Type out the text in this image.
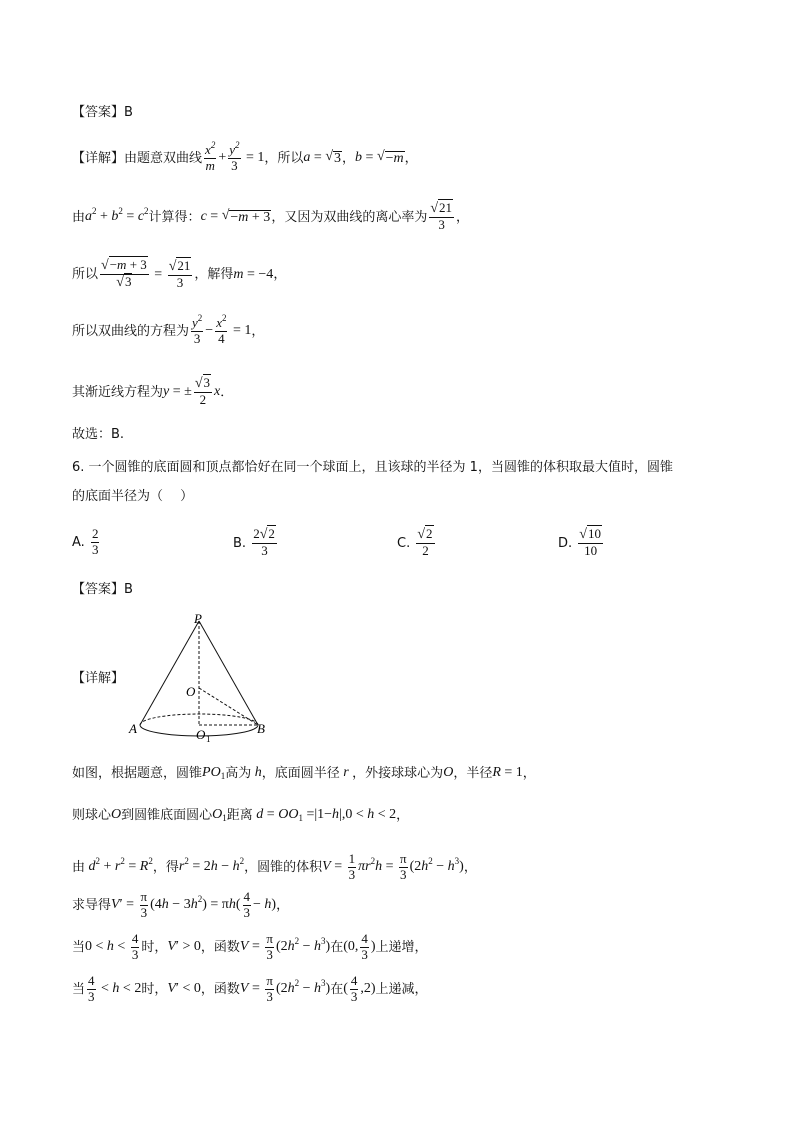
【答案】B
【详解】 由题意双曲线 $\frac{x^2}{m} + \frac{y^2}{3} = 1$ ，所以 a = √ 3 ， b = √ −m ，
由 $a^2 + b^2 = c^2$ 计算得： c = √ −m + 3 ，又因为双曲线的离心率为 $\frac{√21}{3}$ ，
所以 $\frac{√-m + 3}{√3} = \frac{√21}{3}$ ，解得 m = −4 ，
所以双曲线的方程为 $\frac{y^2}{3} - \frac{x^2}{4} = 1$ ，
其渐近线方程为 y = ± $\frac{√3}{2}$ x ．
故选：B.
6. 一个圆锥的底面圆和顶点都恰好在同一个球面上，且该球的半径为 1，当圆锥的体积取最大值时，圆锥
的底面半径为（　 ）
A.
$\frac{2}{3}$	B.
$\frac{2√2}{3}$	C.
$\frac{√2}{2}$	D.
$\frac{√10}{10}$
【答案】B
【详解】
P
O
A	B
O 1
如图，根据题意，圆锥 $PO_1$ 高为 h ，底面圆半径 r ，外接球球心为 O ，半径 R = 1 ，
则球心 O 到圆锥底面圆心 $O_1$ 距离 $d = OO_1 =|1- h$ |,0 < h < 2 ，
由 $d^2 + r^2 = R^2$ ，得 $r^2 = 2$ $h - h^2$ ，圆锥的体积 $V = \frac{1}{3} \pi r^2h = \frac{\pi}{3} (2$ $h^2 - h^3$ ) ，
求导得 V ′ = $\frac{\pi}{3} (4$ h − 3 $h^2$ ) = π h ( $\frac{4}{3} - h$ ) ，
当 $0 < h < \frac{4}{3}$ 时， V ′ > 0 ，函数 $V = \frac{\pi}{3} (2$ $h^2 - h^3$ ) 在 (0, $\frac{4}{3}$ ) 上递增，
当 $\frac{4}{3} < h < 2$ 时， V ′ < 0 ，函数 $V = \frac{\pi}{3} (2$ $h^2 - h^3$ ) 在 ( $\frac{4}{3} ,2$) 上递减，
